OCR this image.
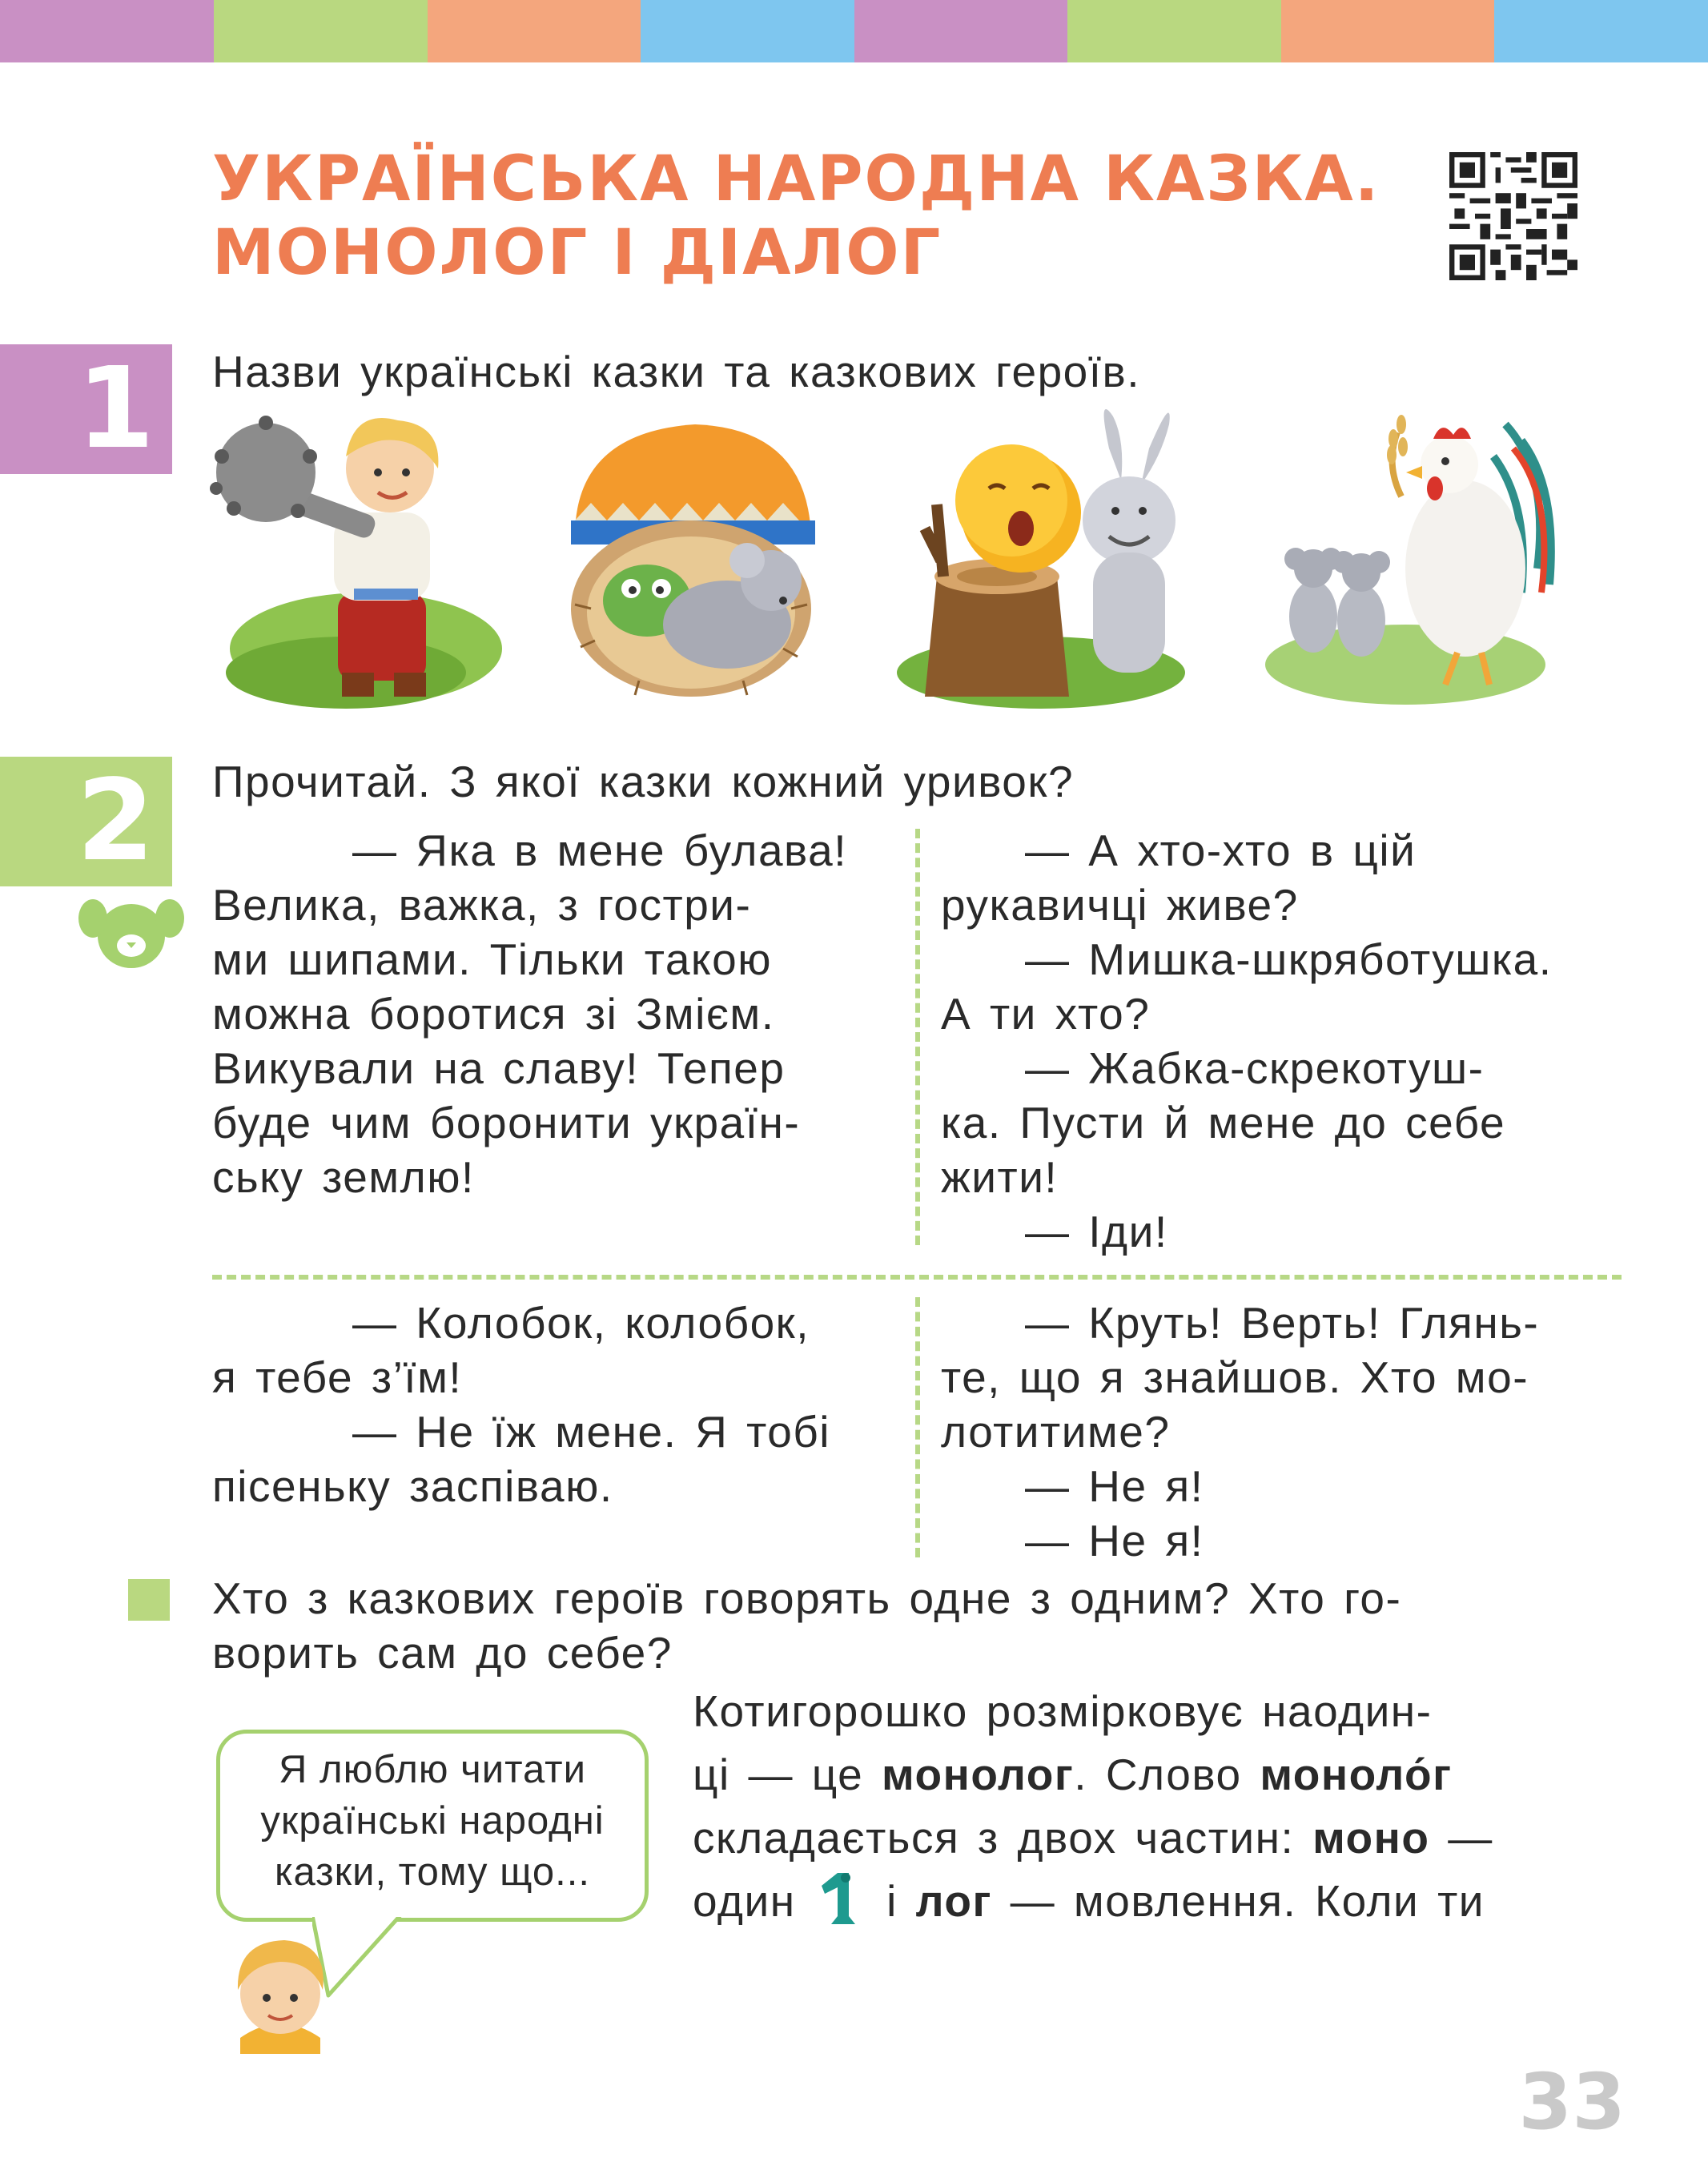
УКРАЇНСЬКА НАРОДНА КАЗКА.
МОНОЛОГ І ДІАЛОГ
1	Назви українські казки та казкових героїв.
2	Прочитай. З якої казки кожний уривок?
— Яка в мене булава!
Велика, важка, з гостри-
ми шипами. Тільки такою
можна боротися зі Змієм.
Викували на славу! Тепер
буде чим боронити україн-
ську землю!
— А хто-хто в цій
рукавичці живе?
— Мишка-шкряботушка.
А ти хто?
— Жабка-скрекотуш-
ка. Пусти й мене до себе
жити!
— Іди!
— Колобок, колобок,
я тебе з’їм!
— Не їж мене. Я тобі
пісеньку заспіваю.
— Круть! Верть! Глянь-
те, що я знайшов. Хто мо-
лотитиме?
— Не я!
— Не я!
Хто з казкових героїв говорять одне з одним? Хто го-
ворить сам до себе?
Я люблю читати
українські народні
казки, тому що...
Котигорошко розмірковує наодин-
ці — це монолог. Слово моноло́г
складається з двох частин: моно —
один  і лог — мовлення. Коли ти
33
